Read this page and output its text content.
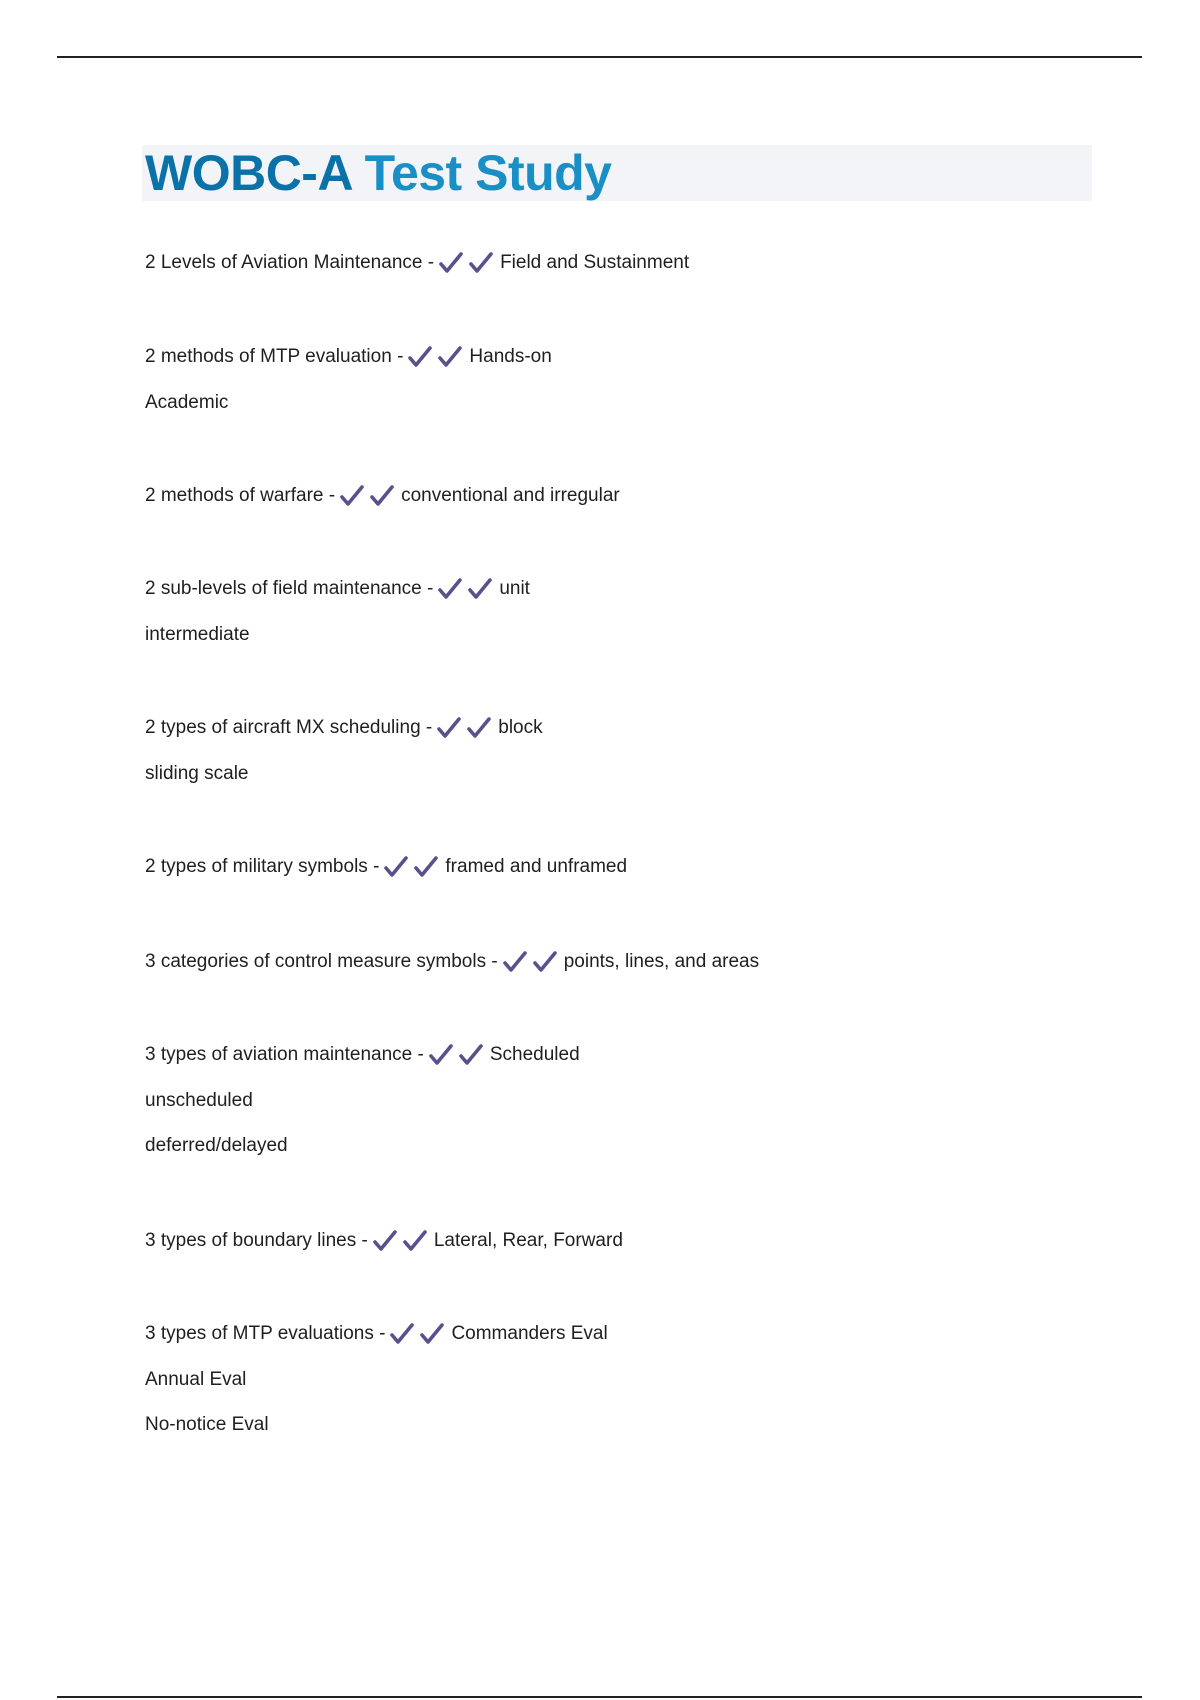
WOBC-A Test Study
2 Levels of Aviation Maintenance -	Field and Sustainment
2 methods of MTP evaluation -	Hands-on
Academic
2 methods of warfare -	conventional and irregular
2 sub-levels of field maintenance -	unit
intermediate
2 types of aircraft MX scheduling -	block
sliding scale
2 types of military symbols -	framed and unframed
3 categories of control measure symbols -	points, lines, and areas
3 types of aviation maintenance -	Scheduled
unscheduled
deferred/delayed
3 types of boundary lines -	Lateral, Rear, Forward
3 types of MTP evaluations -	Commanders Eval
Annual Eval
No-notice Eval
